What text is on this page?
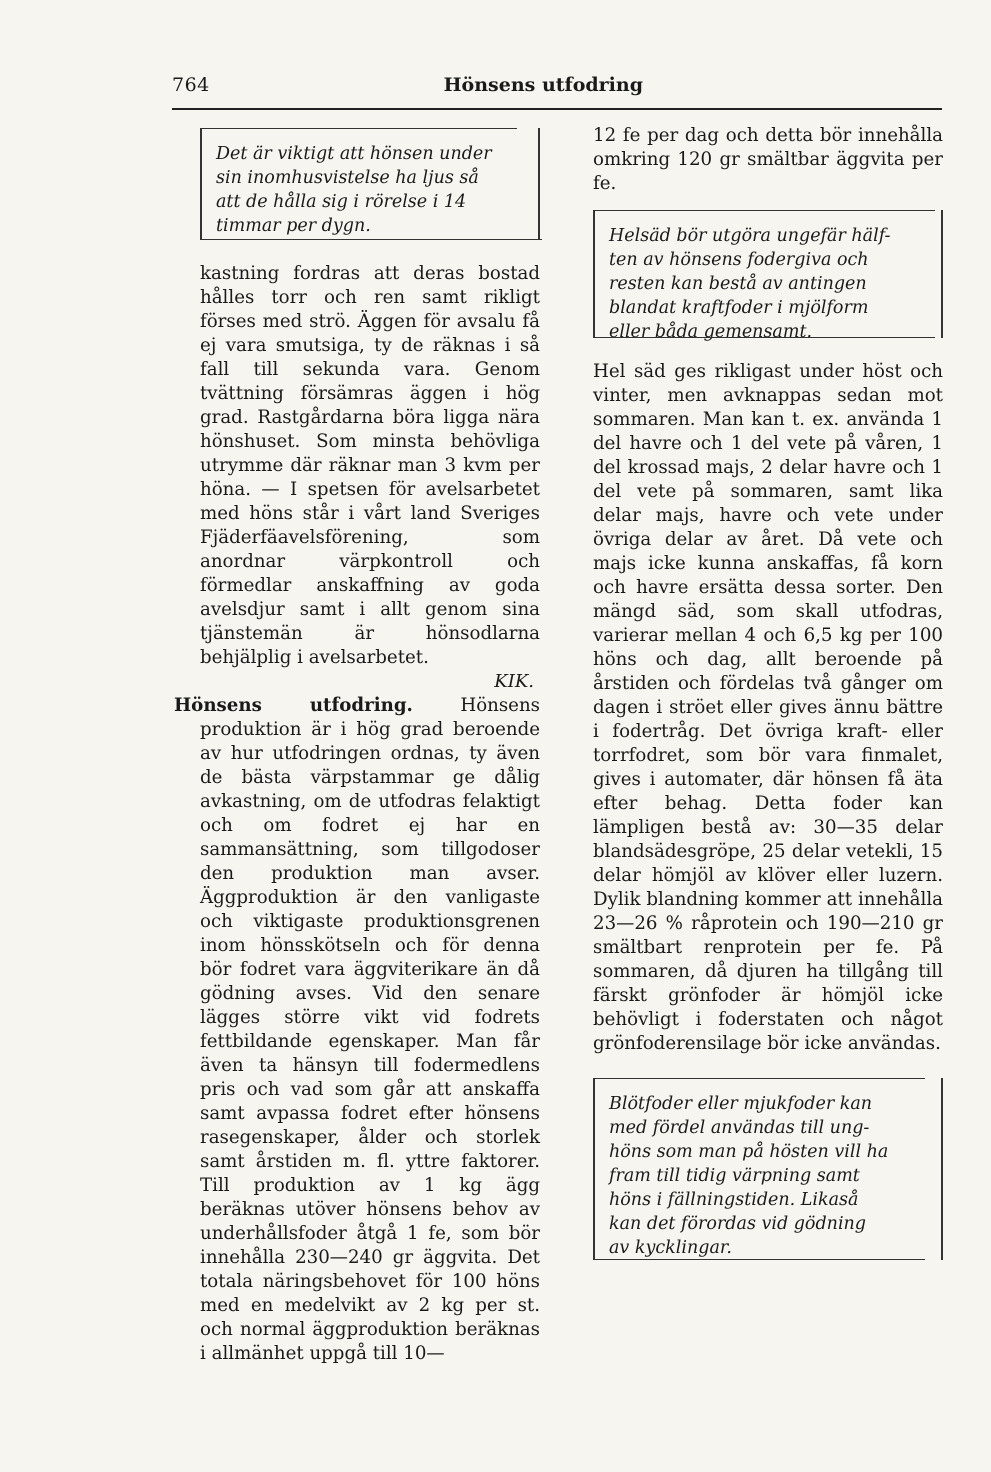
764	Hönsens utfodring
Det är viktigt att hönsen under
sin inomhusvistelse ha ljus så
att de hålla sig i rörelse i 14
timmar per dygn.

kastning fordras att deras bostad hålles torr och ren samt rikligt förses med strö. Äggen för avsalu få ej vara smutsiga, ty de räknas i så fall till sekunda vara. Genom tvättning försämras äggen i hög grad. Rastgårdarna böra ligga nära hönshuset. Som minsta behövliga utrymme där räknar man 3 kvm per höna. — I spetsen för avelsarbetet med höns står i vårt land Sveriges Fjäderfäavelsförening, som anordnar värpkontroll och förmedlar anskaffning av goda avelsdjur samt i allt genom sina tjänstemän är hönsodlarna behjälplig i avelsarbetet.

KIK.

Hönsens utfodring. Hönsens produktion är i hög grad beroende av hur utfodringen ordnas, ty även de bästa värpstammar ge dålig avkastning, om de utfodras felaktigt och om fodret ej har en sammansättning, som tillgodoser den produktion man avser. Äggproduktion är den vanligaste och viktigaste produktionsgrenen inom hönsskötseln och för denna bör fodret vara äggviterikare än då gödning avses. Vid den senare lägges större vikt vid fodrets fettbildande egenskaper. Man får även ta hänsyn till fodermedlens pris och vad som går att anskaffa samt avpassa fodret efter hönsens rasegenskaper, ålder och storlek samt årstiden m. fl. yttre faktorer. Till produktion av 1 kg ägg beräknas utöver hönsens behov av underhållsfoder åtgå 1 fe, som bör innehålla 230—240 gr äggvita. Det totala näringsbehovet för 100 höns med en medelvikt av 2 kg per st. och normal äggproduktion beräknas i allmänhet uppgå till 10—

12 fe per dag och detta bör innehålla omkring 120 gr smältbar äggvita per fe.

Helsäd bör utgöra ungefär hälf-
ten av hönsens fodergiva och
resten kan bestå av antingen
blandat kraftfoder i mjölform
eller båda gemensamt.

Hel säd ges rikligast under höst och vinter, men avknappas sedan mot sommaren. Man kan t. ex. använda 1 del havre och 1 del vete på våren, 1 del krossad majs, 2 delar havre och 1 del vete på sommaren, samt lika delar majs, havre och vete under övriga delar av året. Då vete och majs icke kunna anskaffas, få korn och havre ersätta dessa sorter. Den mängd säd, som skall utfodras, varierar mellan 4 och 6,5 kg per 100 höns och dag, allt beroende på årstiden och fördelas två gånger om dagen i ströet eller gives ännu bättre i fodertråg. Det övriga kraft- eller torrfodret, som bör vara finmalet, gives i automater, där hönsen få äta efter behag. Detta foder kan lämpligen bestå av: 30—35 delar blandsädesgröpe, 25 delar vetekli, 15 delar hömjöl av klöver eller luzern. Dylik blandning kommer att innehålla 23—26 % råprotein och 190—210 gr smältbart renprotein per fe. På sommaren, då djuren ha tillgång till färskt grönfoder är hömjöl icke behövligt i foderstaten och något grönfoderensilage bör icke användas.

Blötfoder eller mjukfoder kan
med fördel användas till ung-
höns som man på hösten vill ha
fram till tidig värpning samt
höns i fällningstiden. Likaså
kan det förordas vid gödning
av kycklingar.
